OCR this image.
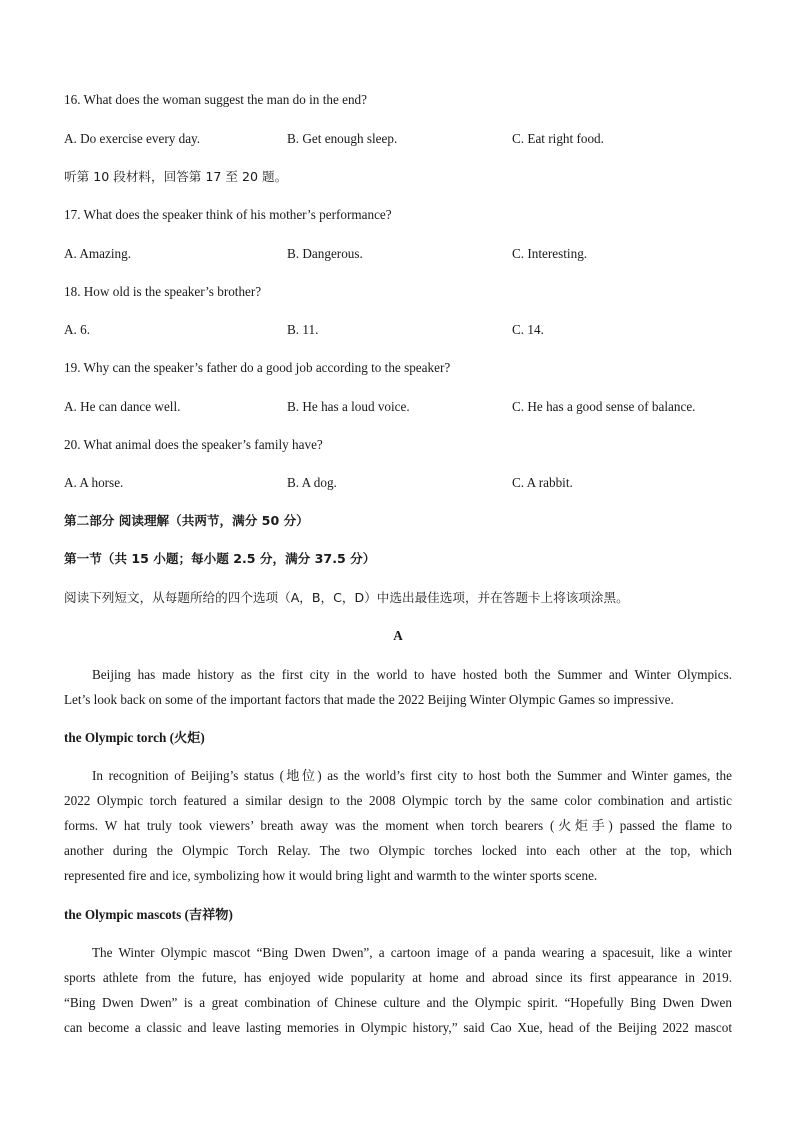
16. What does the woman suggest the man do in the end?
A. Do exercise every day.	B. Get enough sleep.	C. Eat right food.
听第 10 段材料，回答第 17 至 20 题。
17. What does the speaker think of his mother’s performance?
A. Amazing.	B. Dangerous.	C. Interesting.
18. How old is the speaker’s brother?
A. 6.	B. 11.	C. 14.
19. Why can the speaker’s father do a good job according to the speaker?
A. He can dance well.	B. He has a loud voice.	C. He has a good sense of balance.
20. What animal does the speaker’s family have?
A. A horse.	B. A dog.	C. A rabbit.
第二部分 阅读理解（共两节，满分 50 分）
第一节（共 15 小题；每小题 2.5 分，满分 37.5 分）
阅读下列短文，从每题所给的四个选项（A，B，C，D）中选出最佳选项，并在答题卡上将该项涂黑。
A
Beijing has made history as the first city in the world to have hosted both the Summer and Winter Olympics.
Let’s look back on some of the important factors that made the 2022 Beijing Winter Olympic Games so impressive.
the Olympic torch (火炬)
In recognition of Beijing’s status (地位) as the world’s first city to host both the Summer and Winter games, the
2022 Olympic torch featured a similar design to the 2008 Olympic torch by the same color combination and artistic
forms. W hat truly took viewers’ breath away was the moment when torch bearers (火炬手) passed the flame to
another during the Olympic Torch Relay. The two Olympic torches locked into each other at the top, which
represented fire and ice, symbolizing how it would bring light and warmth to the winter sports scene.
the Olympic mascots (吉祥物)
The Winter Olympic mascot “Bing Dwen Dwen”, a cartoon image of a panda wearing a spacesuit, like a winter
sports athlete from the future, has enjoyed wide popularity at home and abroad since its first appearance in 2019.
“Bing Dwen Dwen” is a great combination of Chinese culture and the Olympic spirit. “Hopefully Bing Dwen Dwen
can become a classic and leave lasting memories in Olympic history,” said Cao Xue, head of the Beijing 2022 mascot
